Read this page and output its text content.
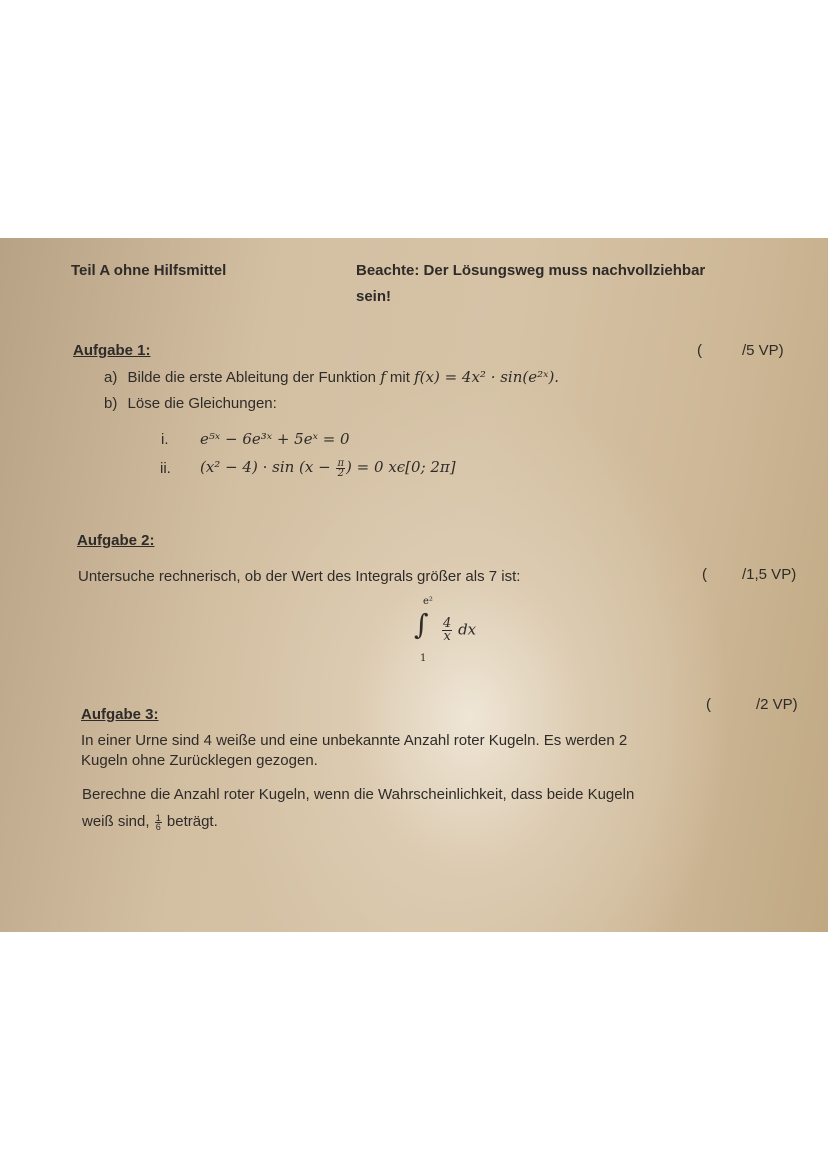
Teil A ohne Hilfsmittel	Beachte: Der Lösungsweg muss nachvollziehbar
sein!
Aufgabe 1:	(	/5 VP)
a) Bilde die erste Ableitung der Funktion f mit f(x) = 4x² · sin(e²ˣ).
b) Löse die Gleichungen:
i. e⁵ˣ − 6e³ˣ + 5eˣ = 0
ii. $(x^2 - 4) \cdot \sin (x - \frac{\pi}{2}$ ) = 0 xϵ[0; 2π]
Aufgabe 2:
Untersuche rechnerisch, ob der Wert des Integrals größer als 7 ist:	( /1,5 VP)
e²
∫
1
$\frac{4}{x}$ dx
(	/2 VP)
Aufgabe 3:
In einer Urne sind 4 weiße und eine unbekannte Anzahl roter Kugeln. Es werden 2
Kugeln ohne Zurücklegen gezogen.
Berechne die Anzahl roter Kugeln, wenn die Wahrscheinlichkeit, dass beide Kugeln
weiß sind, $\frac{1}{6}$ beträgt.
